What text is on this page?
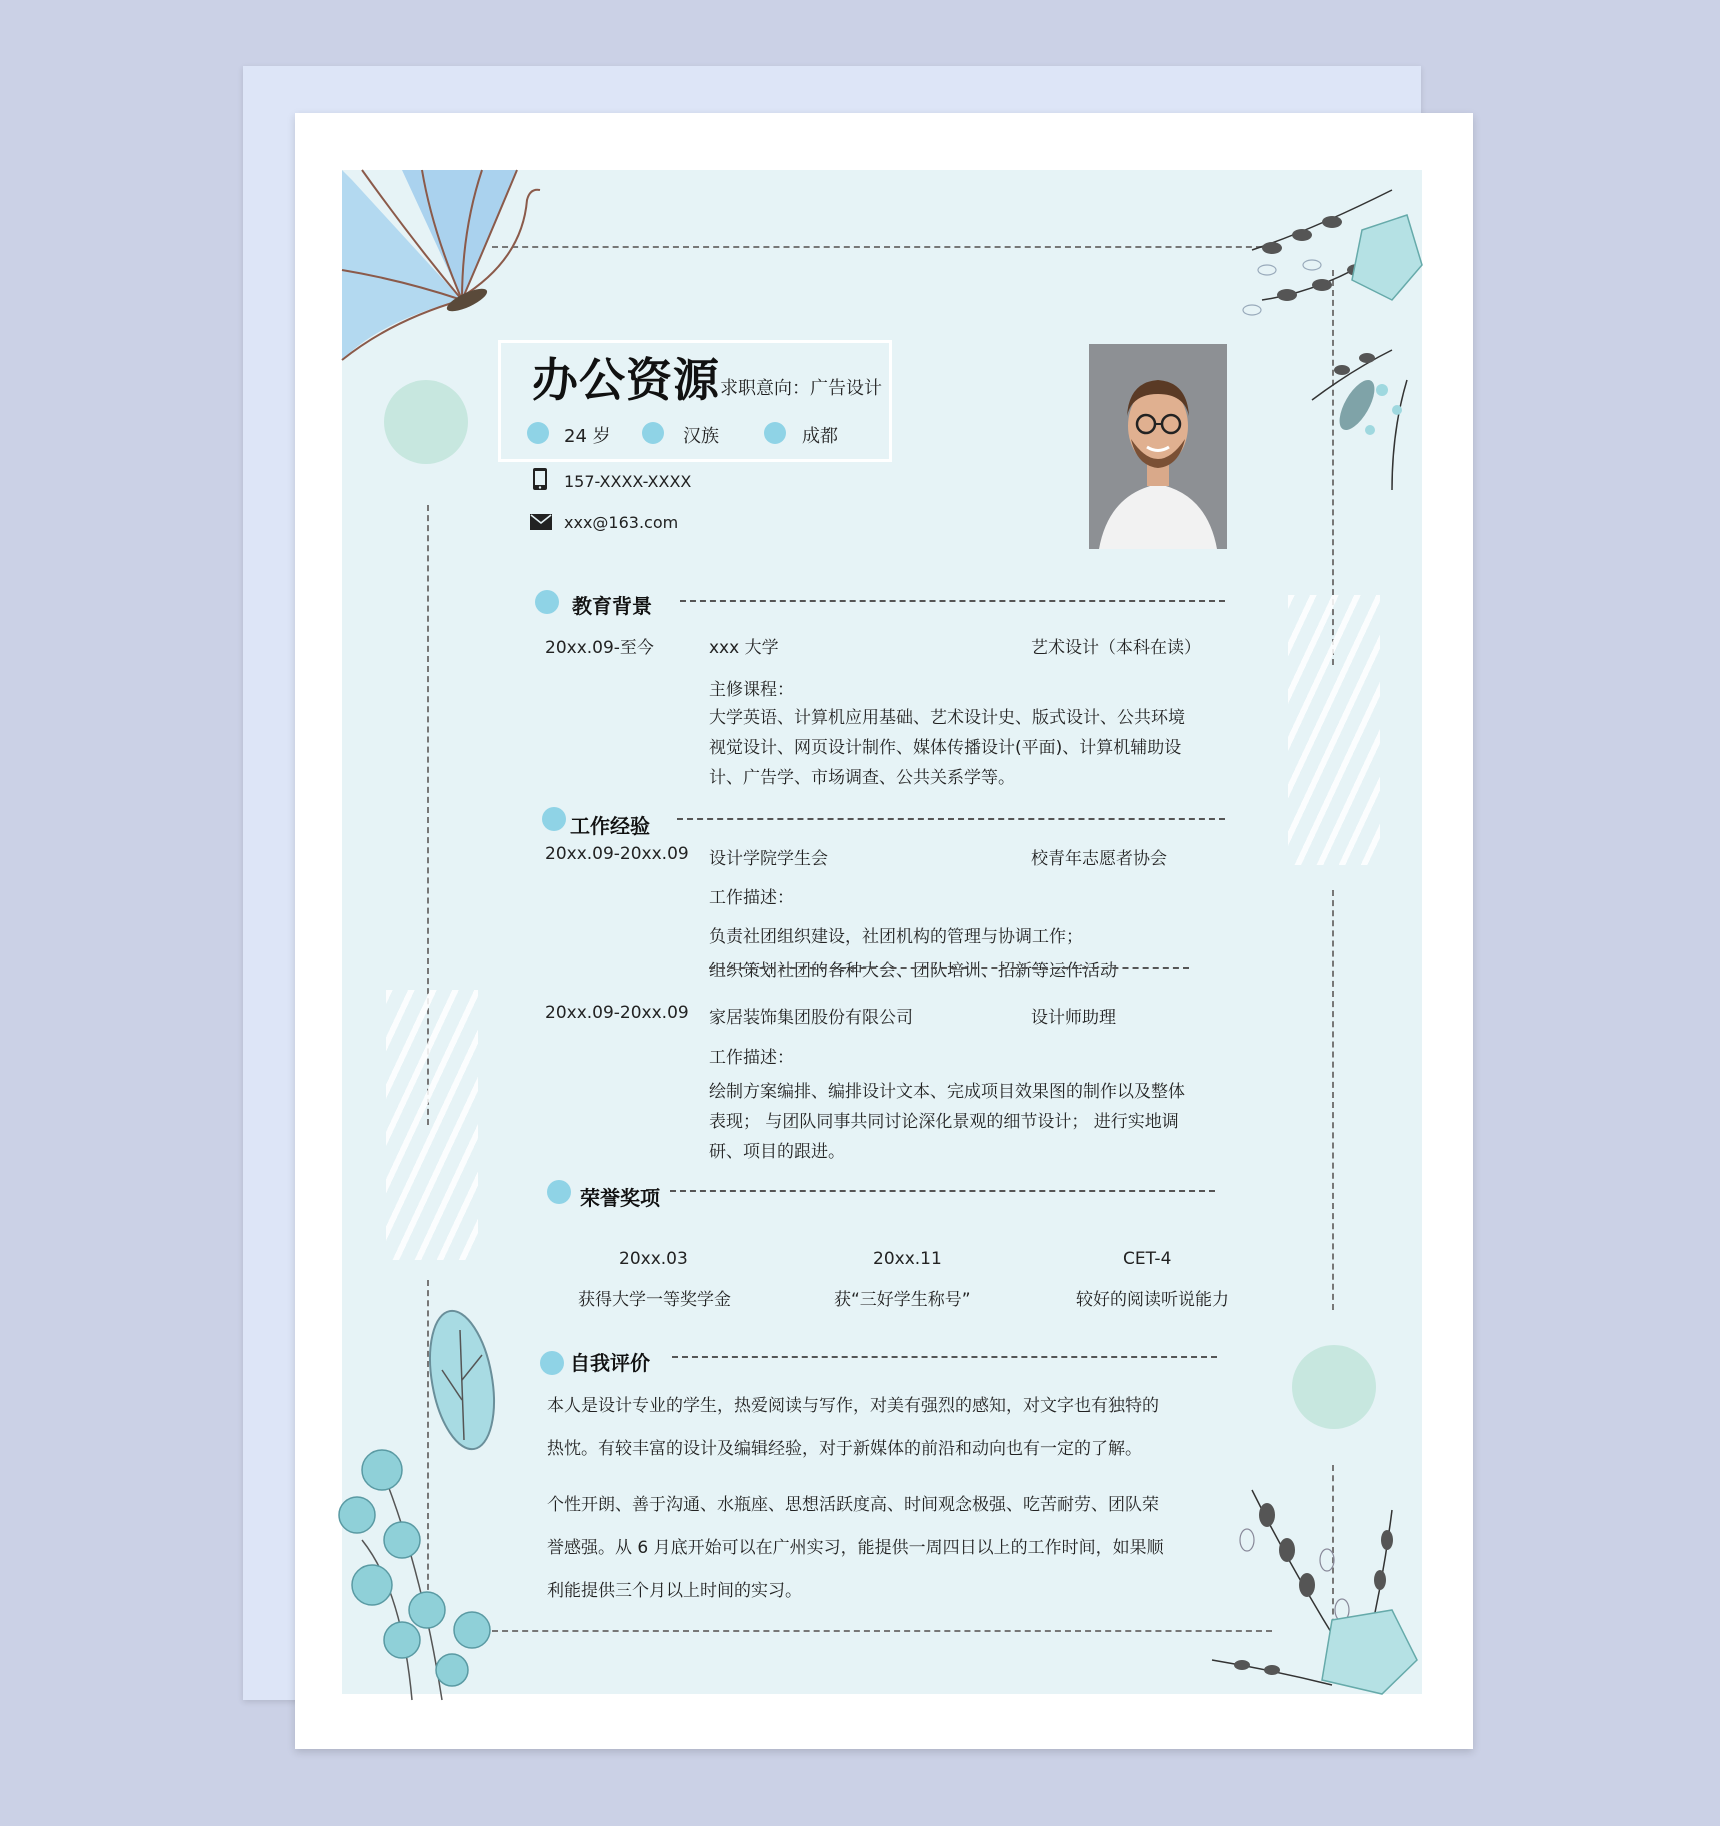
办公资源 求职意向：广告设计
24 岁	汉族	成都
157-XXXX-XXXX
xxx@163.com
教育背景
20xx.09-至今	xxx 大学	艺术设计（本科在读）
主修课程：
大学英语、计算机应用基础、艺术设计史、版式设计、公共环境
视觉设计、网页设计制作、媒体传播设计(平面)、计算机辅助设
计、广告学、市场调查、公共关系学等。
工作经验
20xx.09-20xx.09 设计学院学生会	校青年志愿者协会
工作描述：
负责社团组织建设，社团机构的管理与协调工作；
组织策划社团的各种大会、团队培训、招新等运作活动
20xx.09-20xx.09 家居装饰集团股份有限公司	设计师助理
工作描述：
绘制方案编排、编排设计文本、完成项目效果图的制作以及整体
表现； 与团队同事共同讨论深化景观的细节设计； 进行实地调
研、项目的跟进。
荣誉奖项
20xx.03	20xx.11	CET-4
获得大学一等奖学金	获“三好学生称号”	较好的阅读听说能力
自我评价
本人是设计专业的学生，热爱阅读与写作，对美有强烈的感知，对文字也有独特的
热忱。有较丰富的设计及编辑经验，对于新媒体的前沿和动向也有一定的了解。
个性开朗、善于沟通、水瓶座、思想活跃度高、时间观念极强、吃苦耐劳、团队荣
誉感强。从 6 月底开始可以在广州实习，能提供一周四日以上的工作时间，如果顺
利能提供三个月以上时间的实习。
